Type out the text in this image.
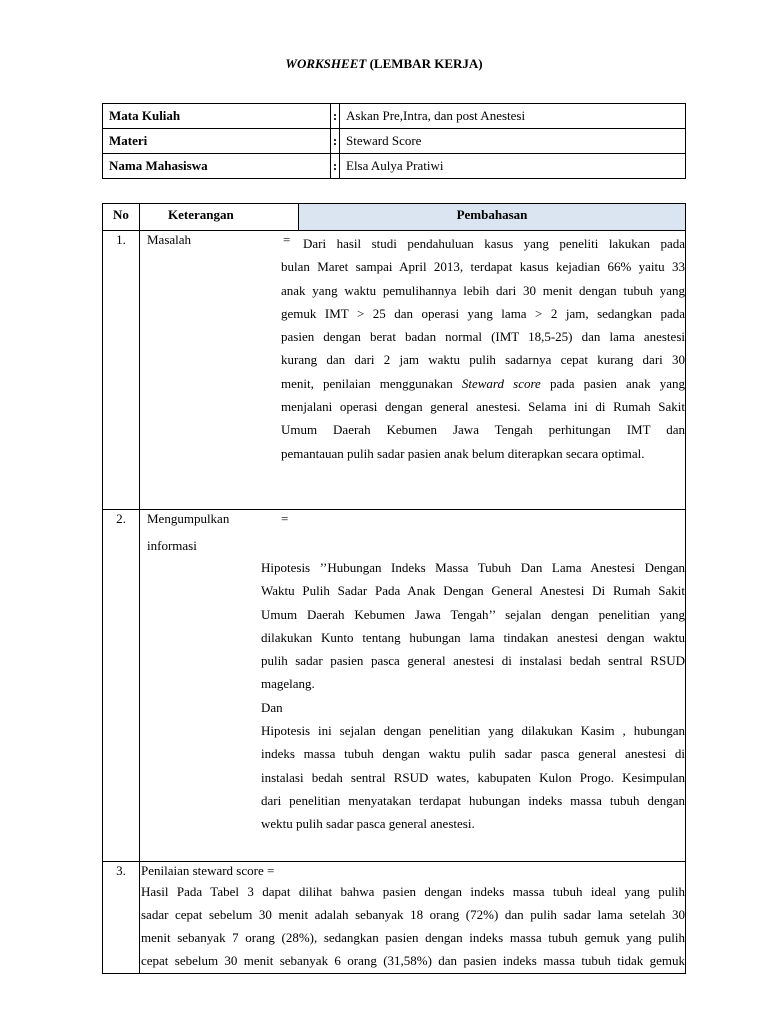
WORKSHEET (LEMBAR KERJA)
Mata Kuliah	:	Askan Pre,Intra, dan post Anestesi
Materi	:	Steward Score
Nama Mahasiswa	:	Elsa Aulya Pratiwi
No	Keterangan	Pembahasan
1.	Masalah	= Dari hasil studi pendahuluan kasus yang peneliti lakukan pada
bulan Maret sampai April 2013, terdapat kasus kejadian 66% yaitu 33
anak yang waktu pemulihannya lebih dari 30 menit dengan tubuh yang
gemuk IMT > 25 dan operasi yang lama > 2 jam, sedangkan pada
pasien dengan berat badan normal (IMT 18,5-25) dan lama anestesi
kurang dan dari 2 jam waktu pulih sadarnya cepat kurang dari 30
menit, penilaian menggunakan Steward score pada pasien anak yang
menjalani operasi dengan general anestesi. Selama ini di Rumah Sakit
Umum Daerah Kebumen Jawa Tengah perhitungan IMT dan
pemantauan pulih sadar pasien anak belum diterapkan secara optimal.
2.	Mengumpulkan
informasi
=
Hipotesis ’’Hubungan Indeks Massa Tubuh Dan Lama Anestesi Dengan
Waktu Pulih Sadar Pada Anak Dengan General Anestesi Di Rumah Sakit
Umum Daerah Kebumen Jawa Tengah’’ sejalan dengan penelitian yang
dilakukan Kunto tentang hubungan lama tindakan anestesi dengan waktu
pulih sadar pasien pasca general anestesi di instalasi bedah sentral RSUD
magelang.
Dan
Hipotesis ini sejalan dengan penelitian yang dilakukan Kasim , hubungan
indeks massa tubuh dengan waktu pulih sadar pasca general anestesi di
instalasi bedah sentral RSUD wates, kabupaten Kulon Progo. Kesimpulan
dari penelitian menyatakan terdapat hubungan indeks massa tubuh dengan
wektu pulih sadar pasca general anestesi.
3.	Penilaian steward score =
Hasil Pada Tabel 3 dapat dilihat bahwa pasien dengan indeks massa tubuh ideal yang pulih
sadar cepat sebelum 30 menit adalah sebanyak 18 orang (72%) dan pulih sadar lama setelah 30
menit sebanyak 7 orang (28%), sedangkan pasien dengan indeks massa tubuh gemuk yang pulih
cepat sebelum 30 menit sebanyak 6 orang (31,58%) dan pasien indeks massa tubuh tidak gemuk
